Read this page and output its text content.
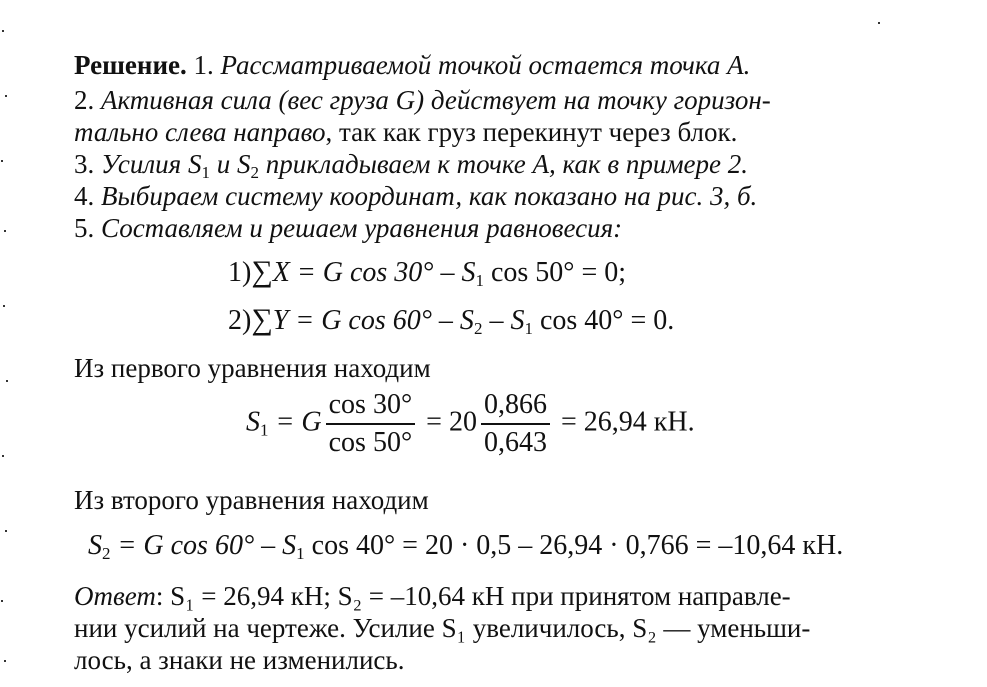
Решение. 1. Рассматриваемой точкой остается точка A.
2. Активная сила (вес груза G) действует на точку горизон-
тально слева направо, так как груз перекинут через блок.
3. Усилия $S_1$ и $S_2$ прикладываем к точке A, как в примере 2.
4. Выбираем систему координат, как показано на рис. 3, б.
5. Составляем и решаем уравнения равновесия:
1)∑X = G $\cos 30^\circ - S_1$ cos 50° = 0;
2)∑Y = G $\cos 60^\circ - S_2 - S_1$ cos 40° = 0.
Из первого уравнения находим
$S_1 = G \frac{\cos 30^\circ}{\cos 50^\circ} = 20 \frac{0,866}{0,643} = 26,94$ кН.
Из второго уравнения находим
$S_2 = G$ $\cos 60^\circ - S_1$ cos 40° = 20 · 0,5 – 26,94 · 0,766 = –10,64 кН.
Ответ: S₁ = 26,94 кН; S₂ = –10,64 кН при принятом направле-
нии усилий на чертеже. Усилие S₁ увеличилось, S₂ — уменьши-
лось, а знаки не изменились.
